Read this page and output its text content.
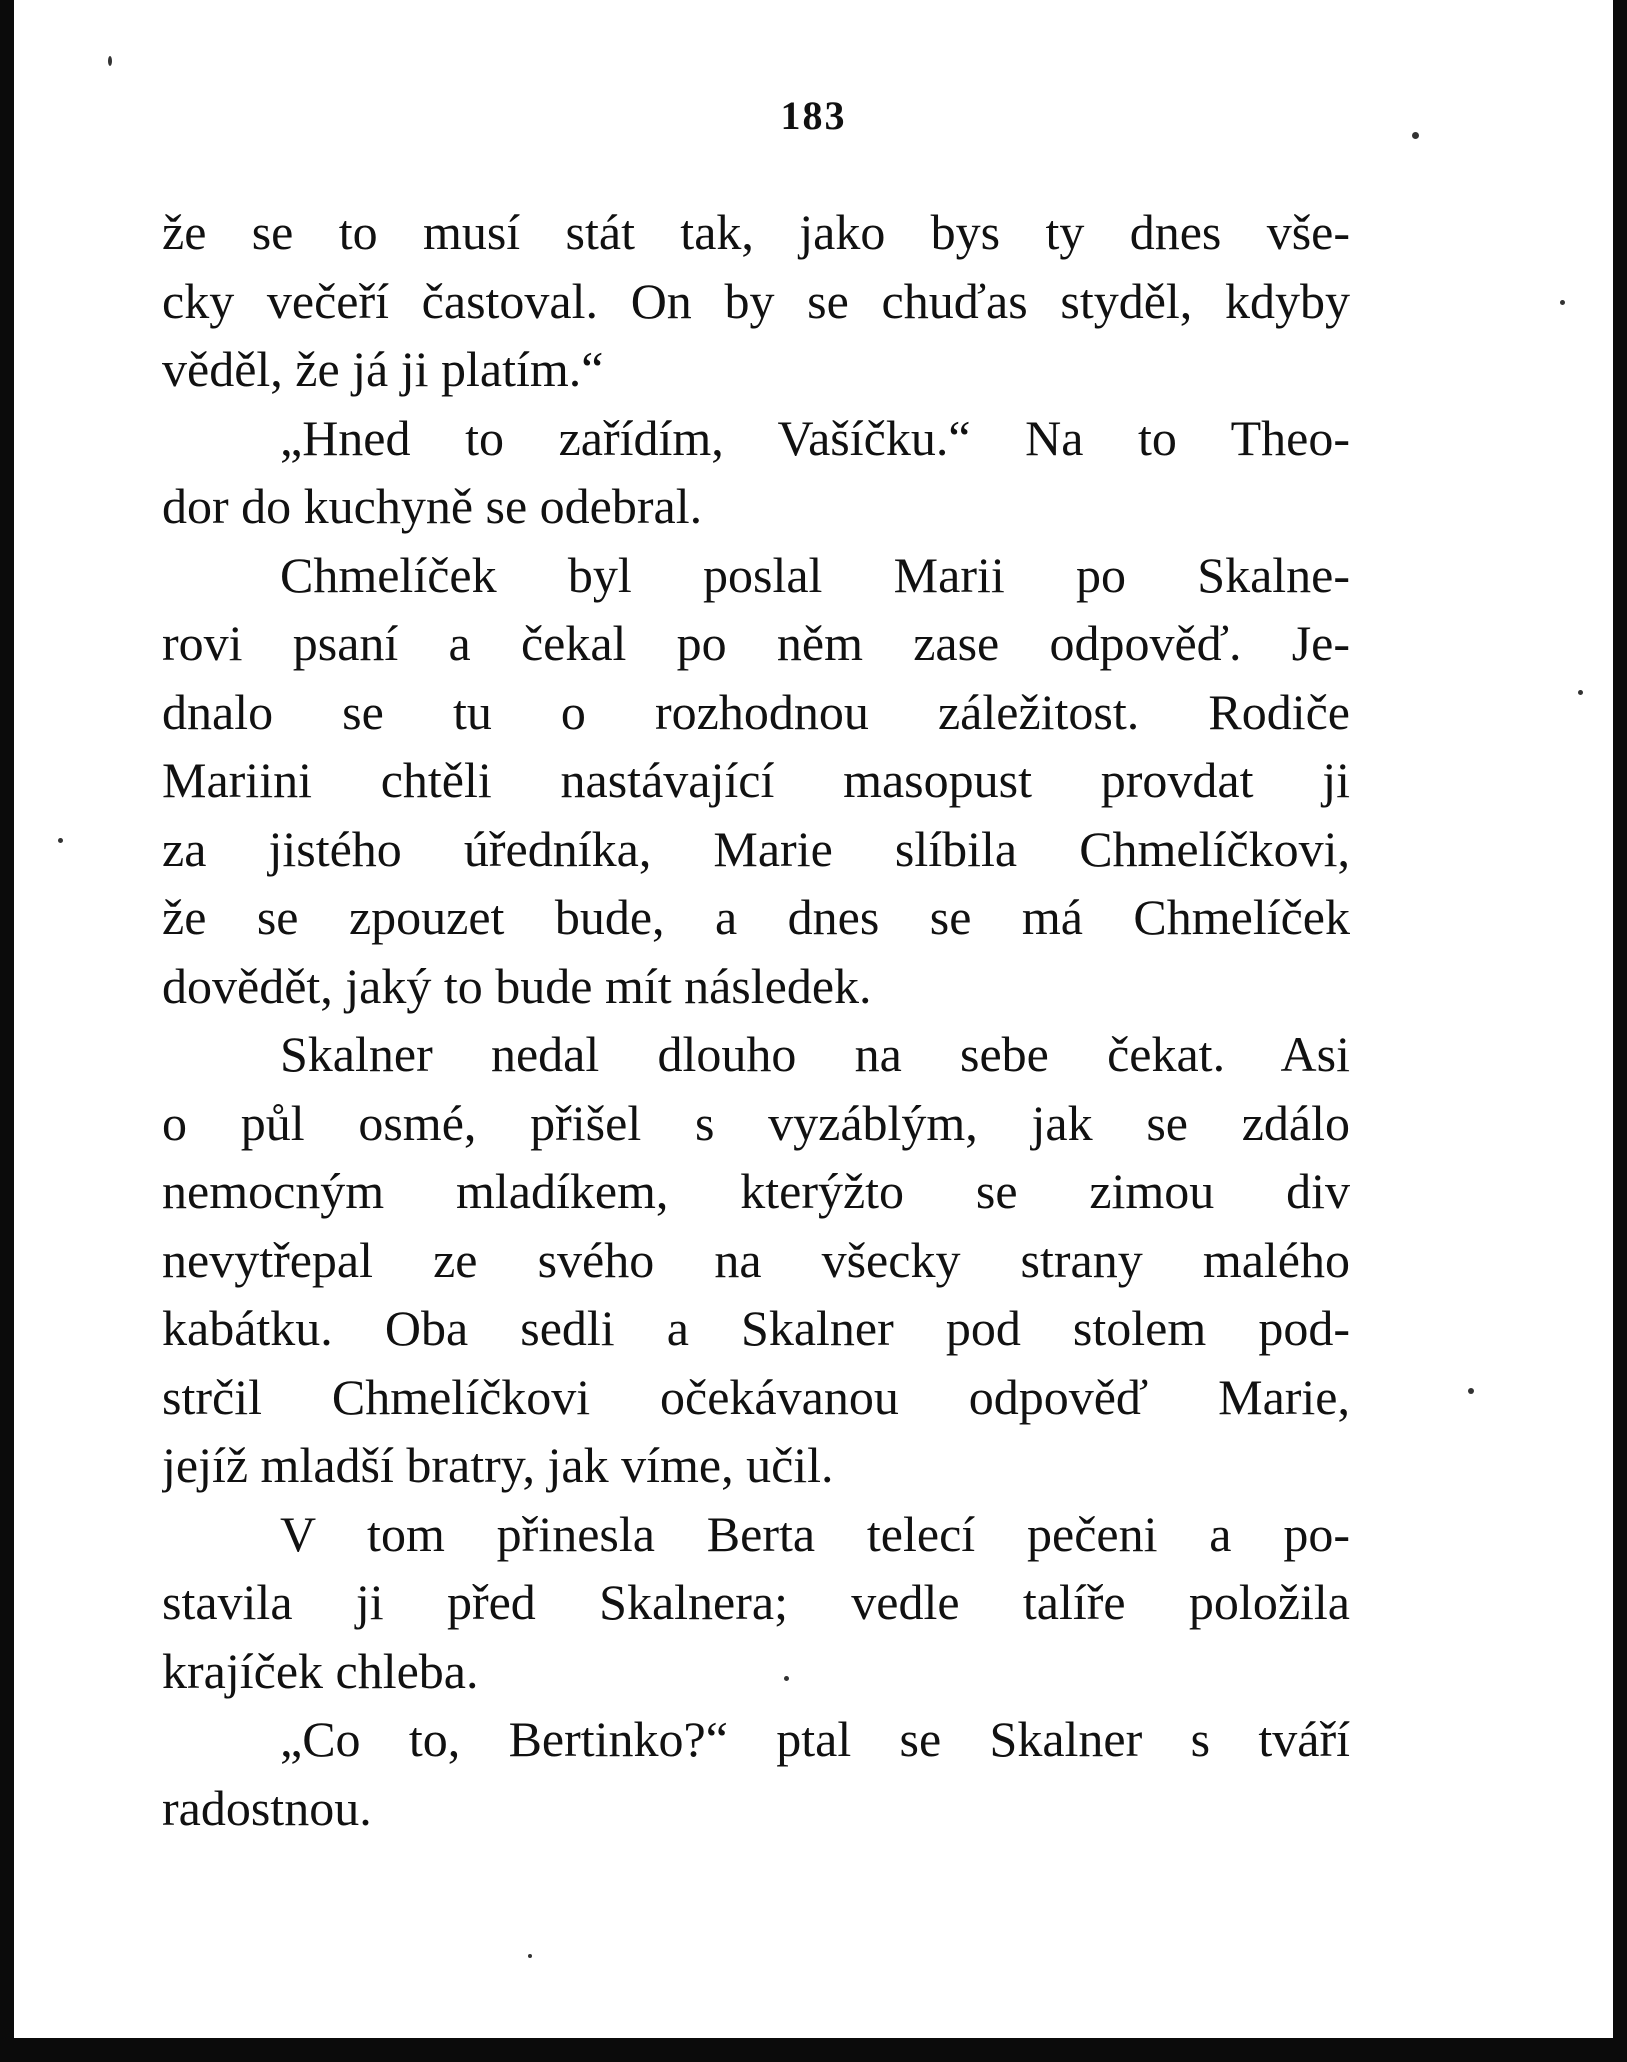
183
že se to musí stát tak, jako bys ty dnes vše-
cky večeří častoval. On by se chuďas styděl, kdyby
věděl, že já ji platím.“
„Hned to zařídím, Vašíčku.“ Na to Theo-
dor do kuchyně se odebral.
Chmelíček byl poslal Marii po Skalne-
rovi psaní a čekal po něm zase odpověď. Je-
dnalo se tu o rozhodnou záležitost. Rodiče
Mariini chtěli nastávající masopust provdat ji
za jistého úředníka, Marie slíbila Chmelíčkovi,
že se zpouzet bude, a dnes se má Chmelíček
dovědět, jaký to bude mít následek.
Skalner nedal dlouho na sebe čekat. Asi
o půl osmé, přišel s vyzáblým, jak se zdálo
nemocným mladíkem, kterýžto se zimou div
nevytřepal ze svého na všecky strany malého
kabátku. Oba sedli a Skalner pod stolem pod-
strčil Chmelíčkovi očekávanou odpověď Marie,
jejíž mladší bratry, jak víme, učil.
V tom přinesla Berta telecí pečeni a po-
stavila ji před Skalnera; vedle talíře položila
krajíček chleba.
„Co to, Bertinko?“ ptal se Skalner s tváří
radostnou.
